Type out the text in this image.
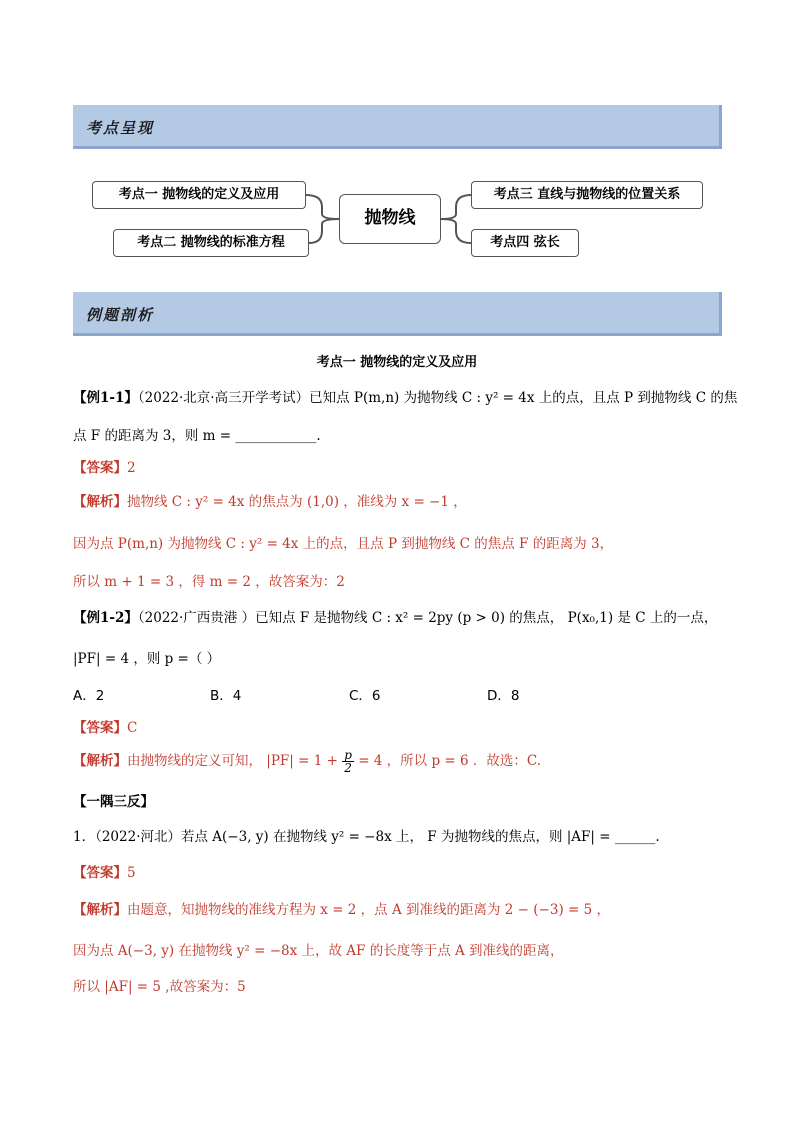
考点呈现
考点一 抛物线的定义及应用
考点二 抛物线的标准方程
抛物线
考点三 直线与抛物线的位置关系
考点四 弦长
例题剖析
考点一 抛物线的定义及应用
【例1-1】（2022·北京·高三开学考试）已知点 P(m,n) 为抛物线 C : y² = 4x 上的点，且点 P 到抛物线 C 的焦
点 F 的距离为 3，则 m = ____________.
【答案】2
【解析】抛物线 C : y² = 4x 的焦点为 (1,0) ，准线为 x = −1 ，
因为点 P(m,n) 为抛物线 C : y² = 4x 上的点，且点 P 到抛物线 C 的焦点 F 的距离为 3，
所以 m + 1 = 3 ，得 m = 2 ，故答案为：2
【例1-2】（2022·广西贵港 ）已知点 F 是抛物线 C : x² = 2py (p > 0) 的焦点， P(x₀,1) 是 C 上的一点，
|PF| = 4 ，则 p =（ ）
A．2	B．4	C．6	D．8
【答案】C
【解析】由抛物线的定义可知， $|PF| = 1 + \frac{p}{2} = 4$ ，所以 p = 6 ．故选：C.
【一隅三反】
1．（2022·河北）若点 A(−3, y) 在抛物线 y² = −8x 上， F 为抛物线的焦点，则 |AF| = ______.
【答案】5
【解析】由题意，知抛物线的准线方程为 x = 2 ，点 A 到准线的距离为 2 − (−3) = 5 ，
因为点 A(−3, y) 在抛物线 y² = −8x 上，故 AF 的长度等于点 A 到准线的距离，
所以 |AF| = 5 ,故答案为：5
